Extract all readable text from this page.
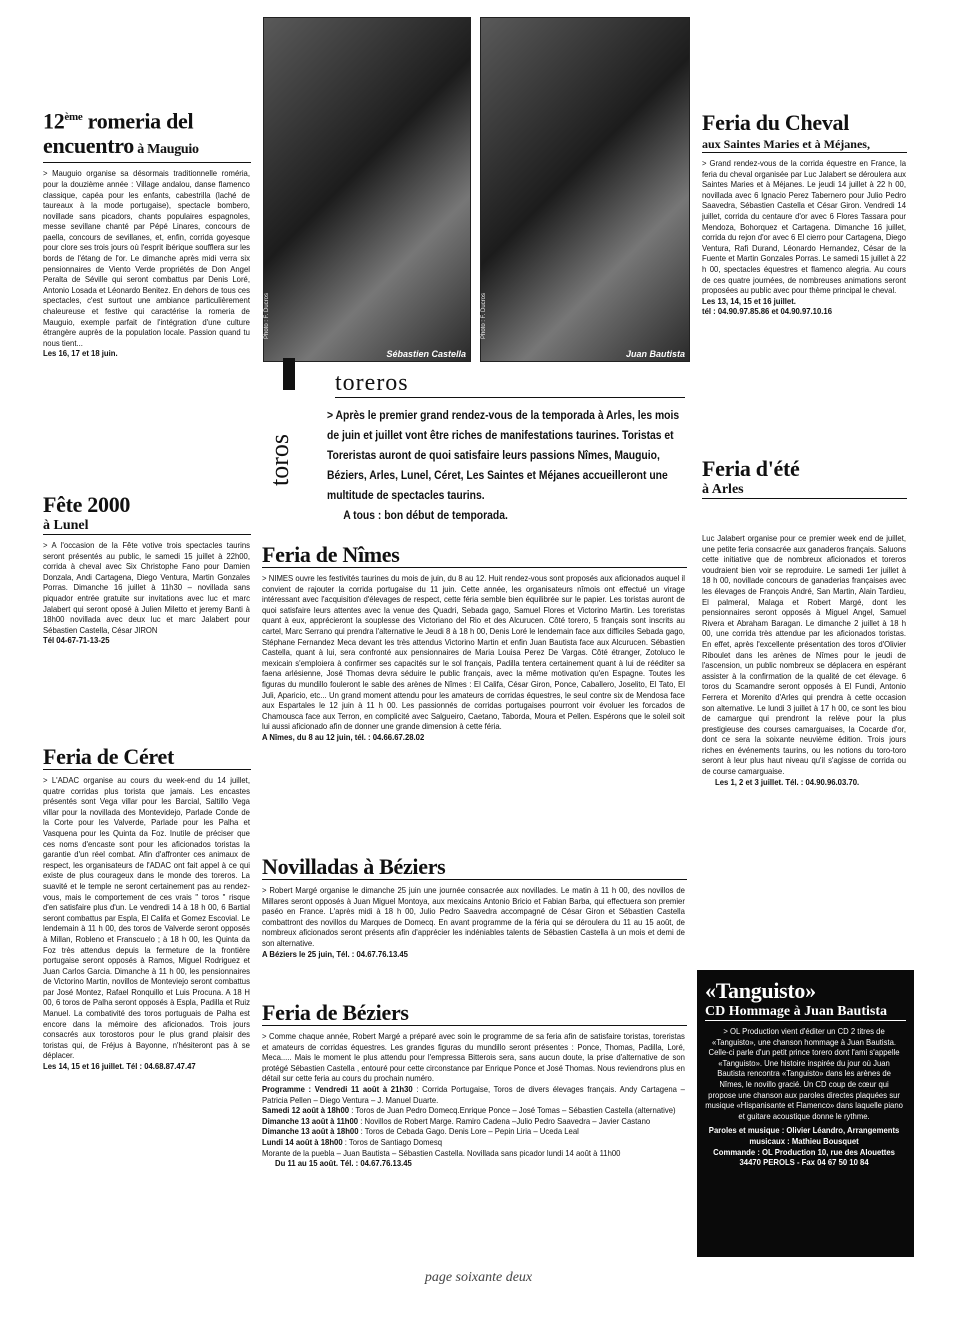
12ème romeria del
encuentro à Mauguio

> Mauguio organise sa désormais traditionnelle roméria, pour la douzième année : Village andalou, danse flamenco classique, capéa pour les enfants, cabestrilla (laché de taureaux à la mode portugaise), spectacle bombero, novillade sans picadors, chants populaires espagnoles, messe sevillane chanté par Pépé Linares, concours de paella, concours de sevillanes, et, enfin, corrida goyesque pour clore ses trois jours où l'esprit ibérique soufflera sur les bords de l'étang de l'or. Le dimanche après midi verra six pensionnaires de Viento Verde propriétés de Don Angel Peralta de Séville qui seront combattus par Denis Loré, Antonio Losada et Léonardo Benitez. En dehors de tous ces spectacles, c'est surtout une ambiance particulièrement chaleureuse et festive qui caractérise la romeria de Mauguio, exemple parfait de l'intégration d'une culture étrangère auprès de la population locale. Passion quand tu nous tient...

Les 16, 17 et 18 juin.

Fête 2000
à Lunel

> A l'occasion de la Fête votive trois spectacles taurins seront présentés au public, le samedi 15 juillet à 22h00, corrida à cheval avec Six Christophe Fano pour Damien Donzala, Andi Cartagena, Diego Ventura, Martin Gonzales Porras. Dimanche 16 juillet à 11h30 – novillada sans piquador entrée gratuite sur invitations avec luc et marc Jalabert qui seront oposé à Julien Miletto et jeremy Banti à 18h00 novillada avec deux luc et marc Jalabert pour Sébastien Castella, César JIRON

Tél 04-67-71-13-25

Feria de Céret

> L'ADAC organise au cours du week-end du 14 juillet, quatre corridas plus torista que jamais. Les encastes présentés sont Vega villar pour les Barcial, Saltillo Vega villar pour la novillada des Montevidejo, Parlade Conde de la Corte pour les Valverde, Parlade pour les Palha et Vasquena pour les Quinta da Foz. Inutile de préciser que ces noms d'encaste sont pour les aficionados toristas la garantie d'un réel combat. Afin d'affronter ces animaux de respect, les organisateurs de l'ADAC ont fait appel à ce qui existe de plus courageux dans le monde des toreros. La suavité et le temple ne seront certainement pas au rendez-vous, mais le comportement de ces vrais " toros " risque d'en satisfaire plus d'un. Le vendredi 14 à 18 h 00, 6 Bartial seront combattus par Espla, El Califa et Gomez Escovial. Le lendemain à 11 h 00, des toros de Valverde seront opposés à Millan, Robleno et Franscuelo ; à 18 h 00, les Quinta da Foz très attendus depuis la fermeture de la frontière portugaise seront opposés à Ramos, Miguel Rodriguez et Juan Carlos Garcia. Dimanche à 11 h 00, les pensionnaires de Victorino Martin, novillos de Monteviejo seront combattus par José Montez, Rafael Ronquillo et Luis Procuna. A 18 H 00, 6 toros de Palha seront opposés à Espla, Padilla et Ruiz Manuel. La combativité des toros portuguais de Palha est encore dans la mémoire des aficionados. Trois jours consacrés aux torostoros pour le plus grand plaisir des toristas qui, de Fréjus à Bayonne, n'hésiteront pas à se déplacer.

Les 14, 15 et 16 juillet. Tél : 04.68.87.47.47

Photo : F. Ducros
Sébastien Castella
Photo : F. Ducros
Juan Bautista
toros
toreros

> Après le premier grand rendez-vous de la temporada à Arles, les mois de juin et juillet vont être riches de manifestations taurines. Toristas et Toreristas auront de quoi satisfaire leurs passions Nîmes, Mauguio, Béziers, Arles, Lunel, Céret, Les Saintes et Méjanes accueilleront une multitude de spectacles taurins.

A tous : bon début de temporada.

Feria de Nîmes

> NIMES ouvre les festivités taurines du mois de juin, du 8 au 12. Huit rendez-vous sont proposés aux aficionados auquel il convient de rajouter la corrida portugaise du 11 juin. Cette année, les organisateurs nîmois ont effectué un virage intéressant avec l'acquisition d'élevages de respect, cette féria semble bien équilibrée sur le papier. Les toristas auront de quoi satisfaire leurs attentes avec la venue des Quadri, Sebada gago, Samuel Flores et Victorino Martin. Les toreristas quant à eux, apprécieront la souplesse des Victoriano del Rio et des Alcurucen. Côté torero, 5 français sont inscrits au cartel, Marc Serrano qui prendra l'alternative le Jeudi 8 à 18 h 00, Denis Loré le lendemain face aux difficiles Sebada gago, Stéphane Fernandez Meca devant les très attendus Victorino Martin et enfin Juan Bautista face aux Alcurucen. Sébastien Castella, quant à lui, sera confronté aux pensionnaires de Maria Louisa Perez De Vargas. Côté étranger, Zotoluco le mexicain s'emploiera à confirmer ses capacités sur le sol français, Padilla tentera certainement quant à lui de rééditer sa faena arlésienne, José Thomas devra séduire le public français, avec la même motivation qu'en Espagne. Toutes les figuras du mundillo fouleront le sable des arènes de Nîmes : El Califa, César Giron, Ponce, Caballero, Joselito, El Tato, El Juli, Aparicio, etc... Un grand moment attendu pour les amateurs de corridas équestres, le seul contre six de Mendosa face aux Espartales le 12 juin à 11 h 00. Les passionnés de corridas portugaises pourront voir évoluer les forcados de Chamousca face aux Terron, en complicité avec Salgueiro, Caetano, Taborda, Moura et Pellen. Espérons que le soleil soit lui aussi aficionado afin de donner une grande dimension à cette féria.

A Nîmes, du 8 au 12 juin, tél. : 04.66.67.28.02

Novilladas à Béziers

> Robert Margé organise le dimanche 25 juin une journée consacrée aux novillades. Le matin à 11 h 00, des novillos de Millares seront opposés à Juan Miguel Montoya, aux mexicains Antonio Bricio et Fabian Barba, qui effectuera son premier paséo en France. L'après midi à 18 h 00, Julio Pedro Saavedra accompagné de César Giron et Sébastien Castella combattront des novillos du Marques de Domecq. En avant programme de la féria qui se déroulera du 11 au 15 août, de nombreux aficionados seront présents afin d'apprécier les indéniables talents de Sébastien Castella à un mois et demi de son alternative.

A Béziers le 25 juin, Tél. : 04.67.76.13.45

Feria de Béziers

> Comme chaque année, Robert Margé a préparé avec soin le programme de sa feria afin de satisfaire toristas, toreristas et amateurs de corridas équestres. Les grandes figuras du mundillo seront présentes : Ponce, Thomas, Padilla, Loré, Meca..... Mais le moment le plus attendu pour l'empressa Bitterois sera, sans aucun doute, la prise d'alternative de son protégé Sébastien Castella , entouré pour cette circonstance par Enrique Ponce et José Thomas. Nous reviendrons plus en détail sur cette feria au cours du prochain numéro.

Programme : Vendredi 11 août à 21h30 : Corrida Portugaise, Toros de divers élevages français. Andy Cartagena – Patricia Pellen – Diego Ventura – J. Manuel Duarte.

Samedi 12 août à 18h00 : Toros de Juan Pedro Domecq.Enrique Ponce – José Tomas – Sébastien Castella (alternative)

Dimanche 13 août à 11h00 : Novillos de Robert Marge. Ramiro Cadena –Julio Pedro Saavedra – Javier Castano

Dimanche 13 août à 18h00 : Toros de Cebada Gago. Denis Lore – Pepin Liria – Uceda Leal

Lundi 14 août à 18h00 : Toros de Santiago Domesq

Morante de la puebla – Juan Bautista – Sébastien Castella. Novillada sans picador lundi 14 août à 11h00

Du 11 au 15 août. Tél. : 04.67.76.13.45

Feria du Cheval
aux Saintes Maries et à Méjanes,

> Grand rendez-vous de la corrida équestre en France, la feria du cheval organisée par Luc Jalabert se déroulera aux Saintes Maries et à Méjanes. Le jeudi 14 juillet à 22 h 00, novillada avec 6 Ignacio Perez Tabernero pour Julio Pedro Saavedra, Sébastien Castella et César Giron. Vendredi 14 juillet, corrida du centaure d'or avec 6 Flores Tassara pour Mendoza, Bohorquez et Cartagena. Dimanche 16 juillet, corrida du rejon d'or avec 6 El cierro pour Cartagena, Diego Ventura, Rafi Durand, Léonardo Hernandez, César de la Fuente et Martin Gonzales Porras. Le samedi 15 juillet à 22 h 00, spectacles équestres et flamenco alegria. Au cours de ces quatre journées, de nombreuses animations seront proposées au public avec pour thème principal le cheval.

Les 13, 14, 15 et 16 juillet.

tél : 04.90.97.85.86 et 04.90.97.10.16

Feria d'été
à Arles

Luc Jalabert organise pour ce premier week end de juillet, une petite feria consacrée aux ganaderos français. Saluons cette initiative que de nombreux aficionados et toreros voudraient bien voir se reproduire. Le samedi 1er juillet à 18 h 00, novillade concours de ganaderias françaises avec les élevages de François André, San Martin, Alain Tardieu, El palmeral, Malaga et Robert Margé, dont les pensionnaires seront opposés à Miguel Angel, Samuel Rivera et Abraham Baragan. Le dimanche 2 juillet à 18 h 00, une corrida très attendue par les aficionados toristas. En effet, après l'excellente présentation des toros d'Olivier Riboulet dans les arènes de Nîmes pour le jeudi de l'ascension, un public nombreux se déplacera en espérant assister à la confirmation de la qualité de cet élevage. 6 toros du Scamandre seront opposés à El Fundi, Antonio Ferrera et Morenito d'Arles qui prendra à cette occasion son alternative. Le lundi 3 juillet à 17 h 00, ce sont les biou de camargue qui prendront la relève pour la plus prestigieuse des courses camarguaises, la Cocarde d'or, dont ce sera la soixante neuvième édition. Trois jours riches en événements taurins, ou les notions du toro-toro seront à leur plus haut niveau qu'il s'agisse de corrida ou de course camarguaise.

Les 1, 2 et 3 juillet. Tél. : 04.90.96.03.70.

«Tanguisto»
CD Hommage à Juan Bautista

> OL Production vient d'éditer un CD 2 titres de «Tanguisto», une chanson hommage à Juan Bautista. Celle-ci parle d'un petit prince torero dont l'ami s'appelle «Tanguisto». Une histoire inspirée du jour où Juan Bautista rencontra «Tanguisto» dans les arènes de Nîmes, le novillo gracié. Un CD coup de cœur qui propose une chanson aux paroles directes plaquées sur musique «Hispanisante et Flamenco» dans laquelle piano et guitare acoustique donne le rythme.

Paroles et musique : Olivier Léandro, Arrangements musicaux : Mathieu Bousquet

Commande : OL Production 10, rue des Alouettes 34470 PEROLS - Fax 04 67 50 10 84

page soixante deux
